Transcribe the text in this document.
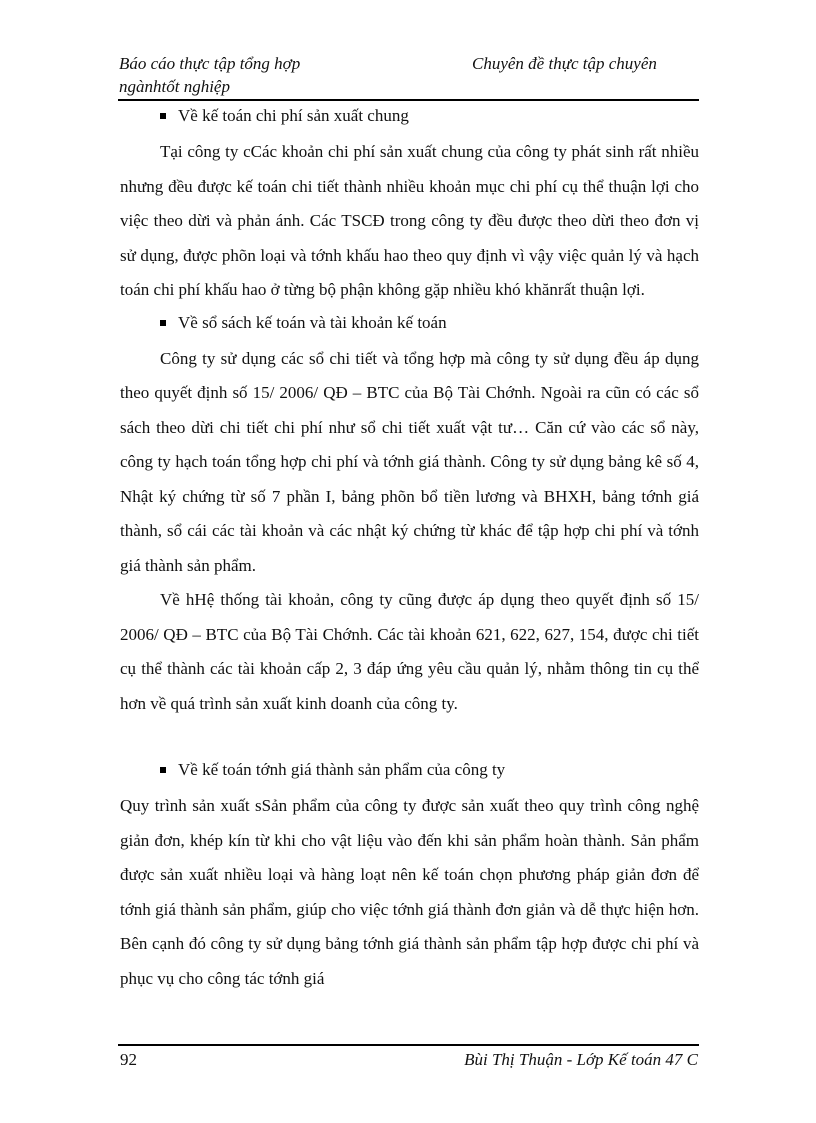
Báo cáo thực tập tổng hợp ngànhtốt nghiệp
Chuyên đề thực tập chuyên
Về kế toán chi phí sản xuất chung

Tại công ty cCác khoản chi phí sản xuất chung của công ty phát sinh rất nhiều nhưng đều được kế toán chi tiết thành nhiều khoản mục chi phí cụ thể thuận lợi cho việc theo dừi và phản ánh. Các TSCĐ trong công ty đều được theo dừi theo đơn vị sử dụng, được phõn loại và tớnh khấu hao theo quy định vì vậy việc quản lý và hạch toán chi phí khấu hao ở từng bộ phận không gặp nhiều khó khănrất thuận lợi.

Về sổ sách kế toán và tài khoản kế toán

Công ty sử dụng các sổ chi tiết và tổng hợp mà công ty sử dụng đều áp dụng theo quyết định số 15/ 2006/ QĐ – BTC của Bộ Tài Chớnh. Ngoài ra cũn có các sổ sách theo dừi chi tiết chi phí như sổ chi tiết xuất vật tư… Căn cứ vào các sổ này, công ty hạch toán tổng hợp chi phí và tớnh giá thành. Công ty sử dụng bảng kê số 4, Nhật ký chứng từ số 7 phần I, bảng phõn bổ tiền lương và BHXH, bảng tớnh giá thành, sổ cái các tài khoản và các nhật ký chứng từ khác để tập hợp chi phí và tớnh giá thành sản phẩm.

Về hHệ thống tài khoản, công ty cũng được áp dụng theo quyết định số 15/ 2006/ QĐ – BTC của Bộ Tài Chớnh. Các tài khoản 621, 622, 627, 154, được chi tiết cụ thể thành các tài khoản cấp 2, 3 đáp ứng yêu cầu quản lý, nhằm thông tin cụ thể hơn về quá trình sản xuất kinh doanh của công ty.

Về kế toán tớnh giá thành sản phẩm của công ty

Quy trình sản xuất sSản phẩm của công ty được sản xuất theo quy trình công nghệ giản đơn, khép kín từ khi cho vật liệu vào đến khi sản phẩm hoàn thành. Sản phẩm được sản xuất nhiều loại và hàng loạt nên kế toán chọn phương pháp giản đơn để tớnh giá thành sản phẩm, giúp cho việc tớnh giá thành đơn giản và dễ thực hiện hơn. Bên cạnh đó công ty sử dụng bảng tớnh giá thành sản phẩm tập hợp được chi phí và phục vụ cho công tác tớnh giá

92	Bùi Thị Thuận - Lớp Kế toán 47 C
